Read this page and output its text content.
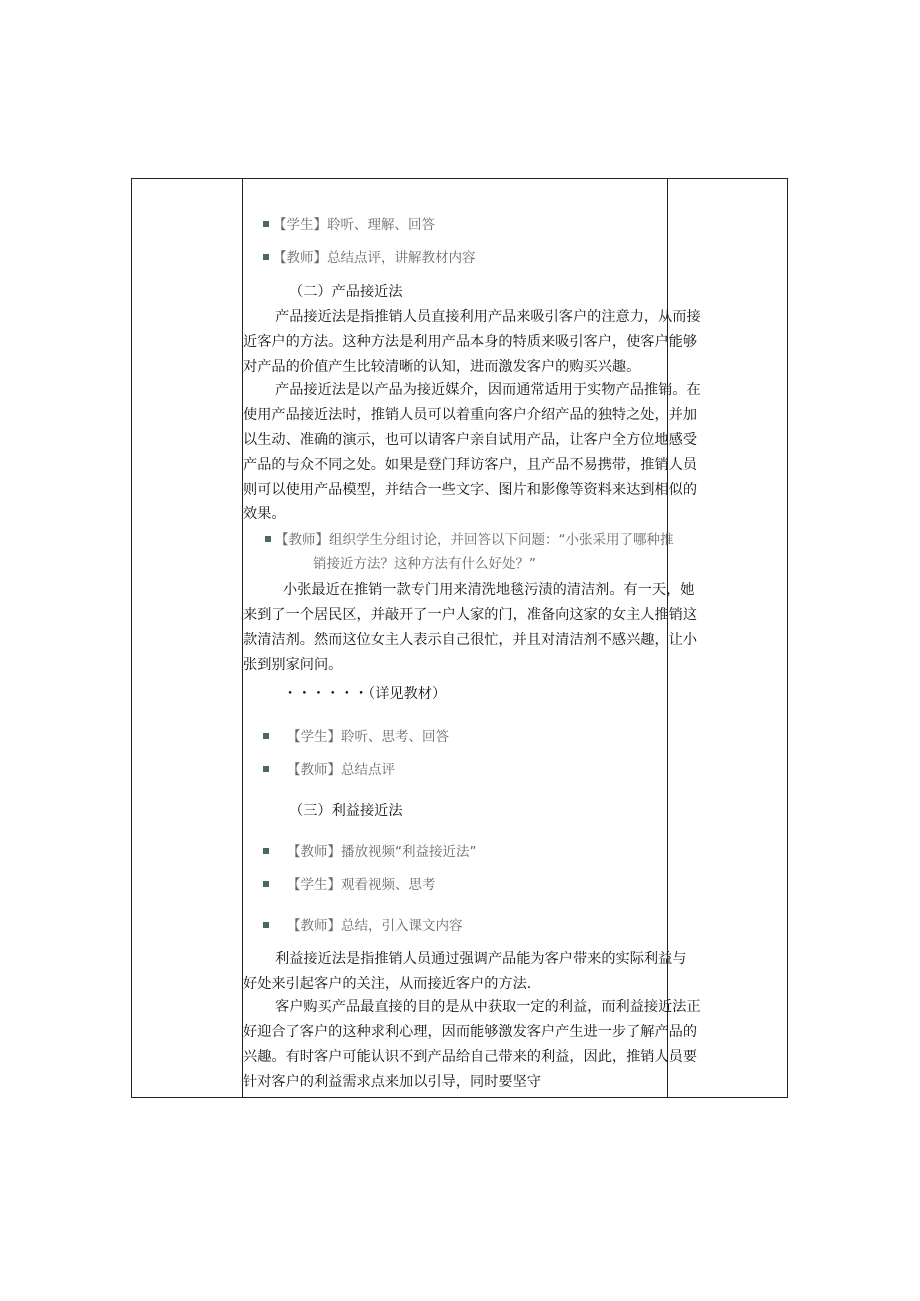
【学生】聆听、理解、回答
【教师】总结点评，讲解教材内容
（二）产品接近法
产品接近法是指推销人员直接利用产品来吸引客户的注意力，从而接
近客户的方法。这种方法是利用产品本身的特质来吸引客户，使客户能够
对产品的价值产生比较清晰的认知，进而激发客户的购买兴趣。
产品接近法是以产品为接近媒介，因而通常适用于实物产品推销。在
使用产品接近法时，推销人员可以着重向客户介绍产品的独特之处，并加
以生动、准确的演示，也可以请客户亲自试用产品，让客户全方位地感受
产品的与众不同之处。如果是登门拜访客户，且产品不易携带，推销人员
则可以使用产品模型，并结合一些文字、图片和影像等资料来达到相似的
效果。
【教师】组织学生分组讨论，并回答以下问题：“小张采用了哪种推
销接近方法？这种方法有什么好处？”
小张最近在推销一款专门用来清洗地毯污渍的清洁剂。有一天，她
来到了一个居民区，并敲开了一户人家的门，准备向这家的女主人推销这
款清洁剂。然而这位女主人表示自己很忙，并且对清洁剂不感兴趣，让小
张到别家问问。
・・・・・・（详见教材）
【学生】聆听、思考、回答
【教师】总结点评
（三）利益接近法
【教师】播放视频“利益接近法”
【学生】观看视频、思考
【教师】总结，引入课文内容
利益接近法是指推销人员通过强调产品能为客户带来的实际利益与
好处来引起客户的关注，从而接近客户的方法.
客户购买产品最直接的目的是从中获取一定的利益，而利益接近法正
好迎合了客户的这种求利心理，因而能够激发客户产生进一步了解产品的
兴趣。有时客户可能认识不到产品给自己带来的利益，因此，推销人员要
针对客户的利益需求点来加以引导，同时要坚守
